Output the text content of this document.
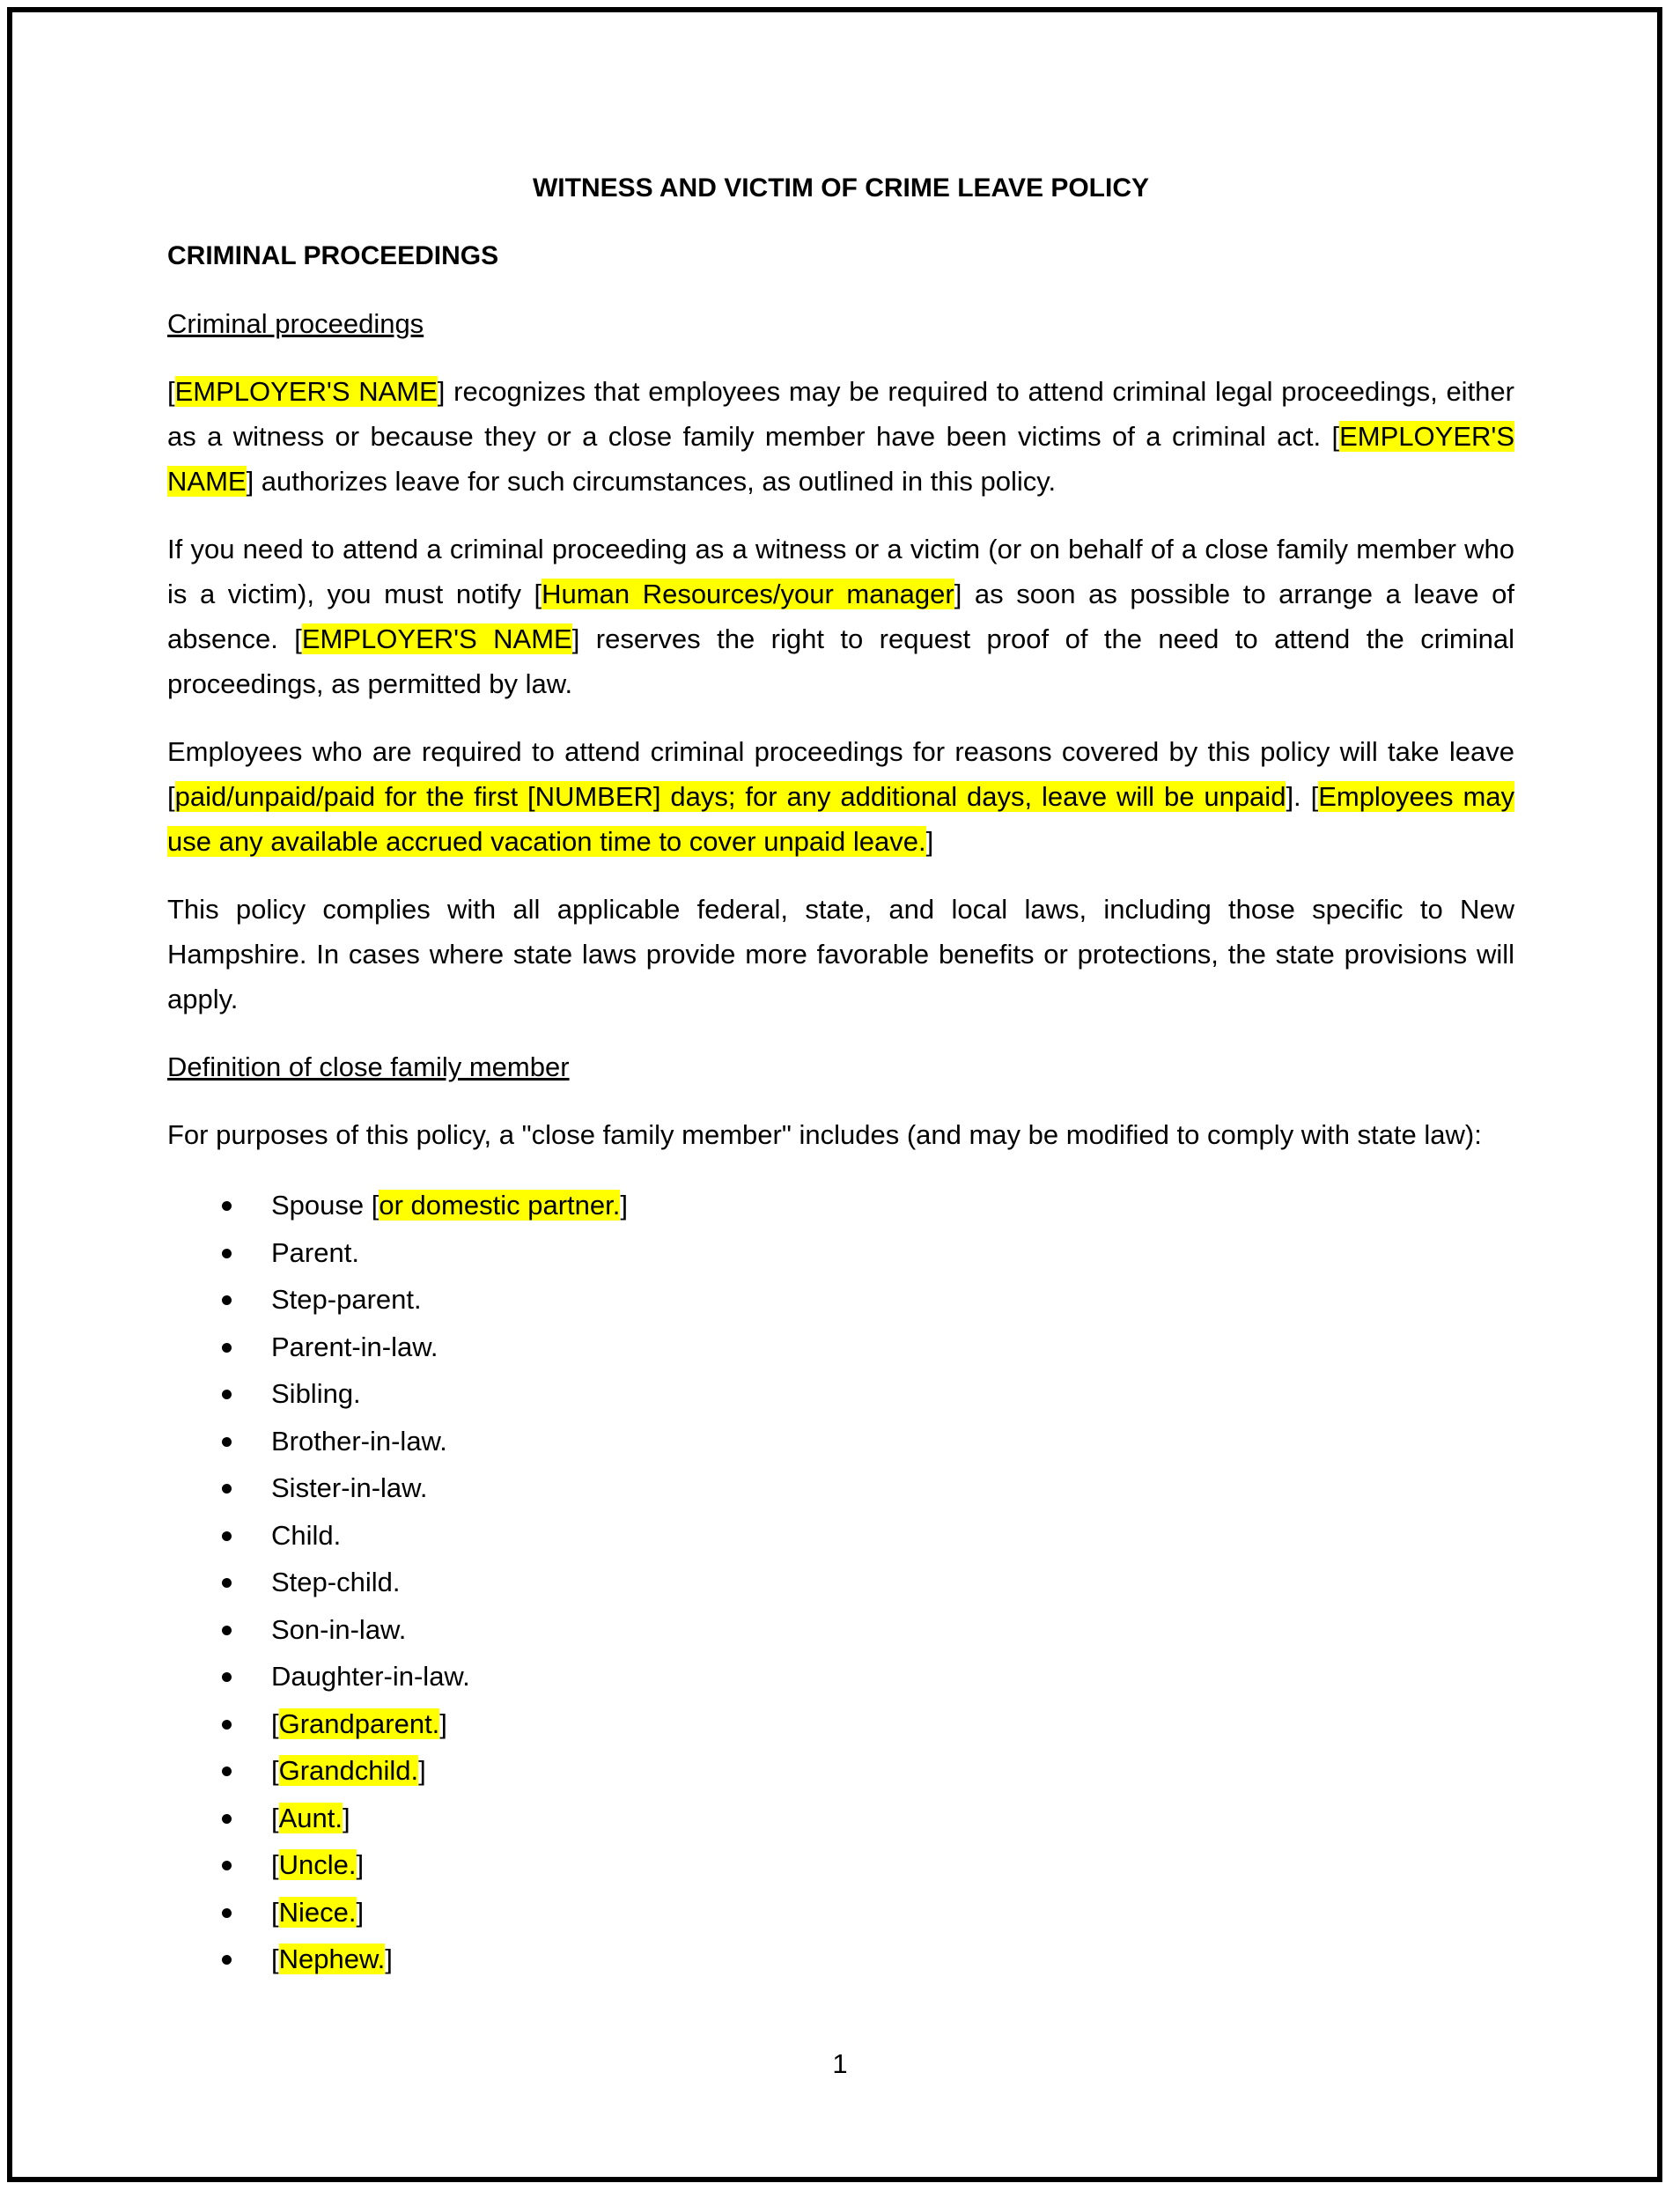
WITNESS AND VICTIM OF CRIME LEAVE POLICY
CRIMINAL PROCEEDINGS
Criminal proceedings

[EMPLOYER'S NAME] recognizes that employees may be required to attend criminal legal proceedings, either as a witness or because they or a close family member have been victims of a criminal act. [EMPLOYER'S NAME] authorizes leave for such circumstances, as outlined in this policy.

If you need to attend a criminal proceeding as a witness or a victim (or on behalf of a close family member who is a victim), you must notify [Human Resources/your manager] as soon as possible to arrange a leave of absence. [EMPLOYER'S NAME] reserves the right to request proof of the need to attend the criminal proceedings, as permitted by law.

Employees who are required to attend criminal proceedings for reasons covered by this policy will take leave [paid/unpaid/paid for the first [NUMBER] days; for any additional days, leave will be unpaid]. [Employees may use any available accrued vacation time to cover unpaid leave.]

This policy complies with all applicable federal, state, and local laws, including those specific to New Hampshire. In cases where state laws provide more favorable benefits or protections, the state provisions will apply.

Definition of close family member

For purposes of this policy, a "close family member" includes (and may be modified to comply with state law):

Spouse [or domestic partner.]
Parent.
Step-parent.
Parent-in-law.
Sibling.
Brother-in-law.
Sister-in-law.
Child.
Step-child.
Son-in-law.
Daughter-in-law.
[Grandparent.]
[Grandchild.]
[Aunt.]
[Uncle.]
[Niece.]
[Nephew.]
1
